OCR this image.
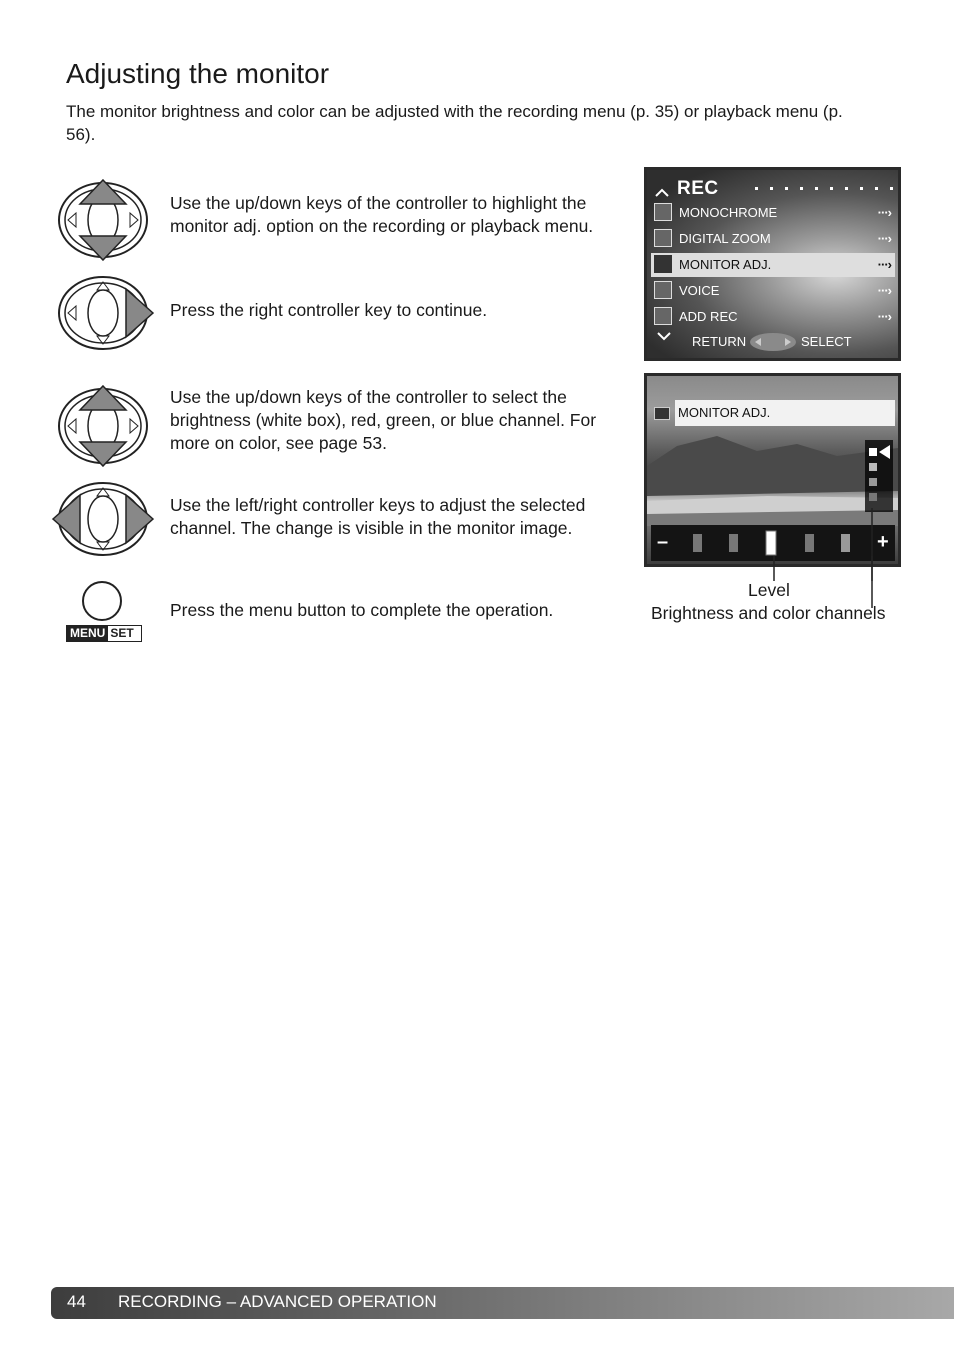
Adjusting the monitor

The monitor brightness and color can be adjusted with the recording menu (p. 35) or playback menu (p. 56).

Use the up/down keys of the controller to highlight the monitor adj. option on the recording or playback menu.
Press the right controller key to continue.
Use the up/down keys of the controller to select the brightness (white box), red, green, or blue channel. For more on color, see page 53.
Use the left/right controller keys to adjust the selected channel. The change is visible in the monitor image.
MENU SET
Press the menu button to complete the operation.
REC
MONOCHROME	···›
DIGITAL ZOOM	···›
MONITOR ADJ.	···›
VOICE	···›
ADD REC	···›
RETURN	SELECT
MONITOR ADJ.
–	+
Level
Brightness and color channels
44 RECORDING – ADVANCED OPERATION
